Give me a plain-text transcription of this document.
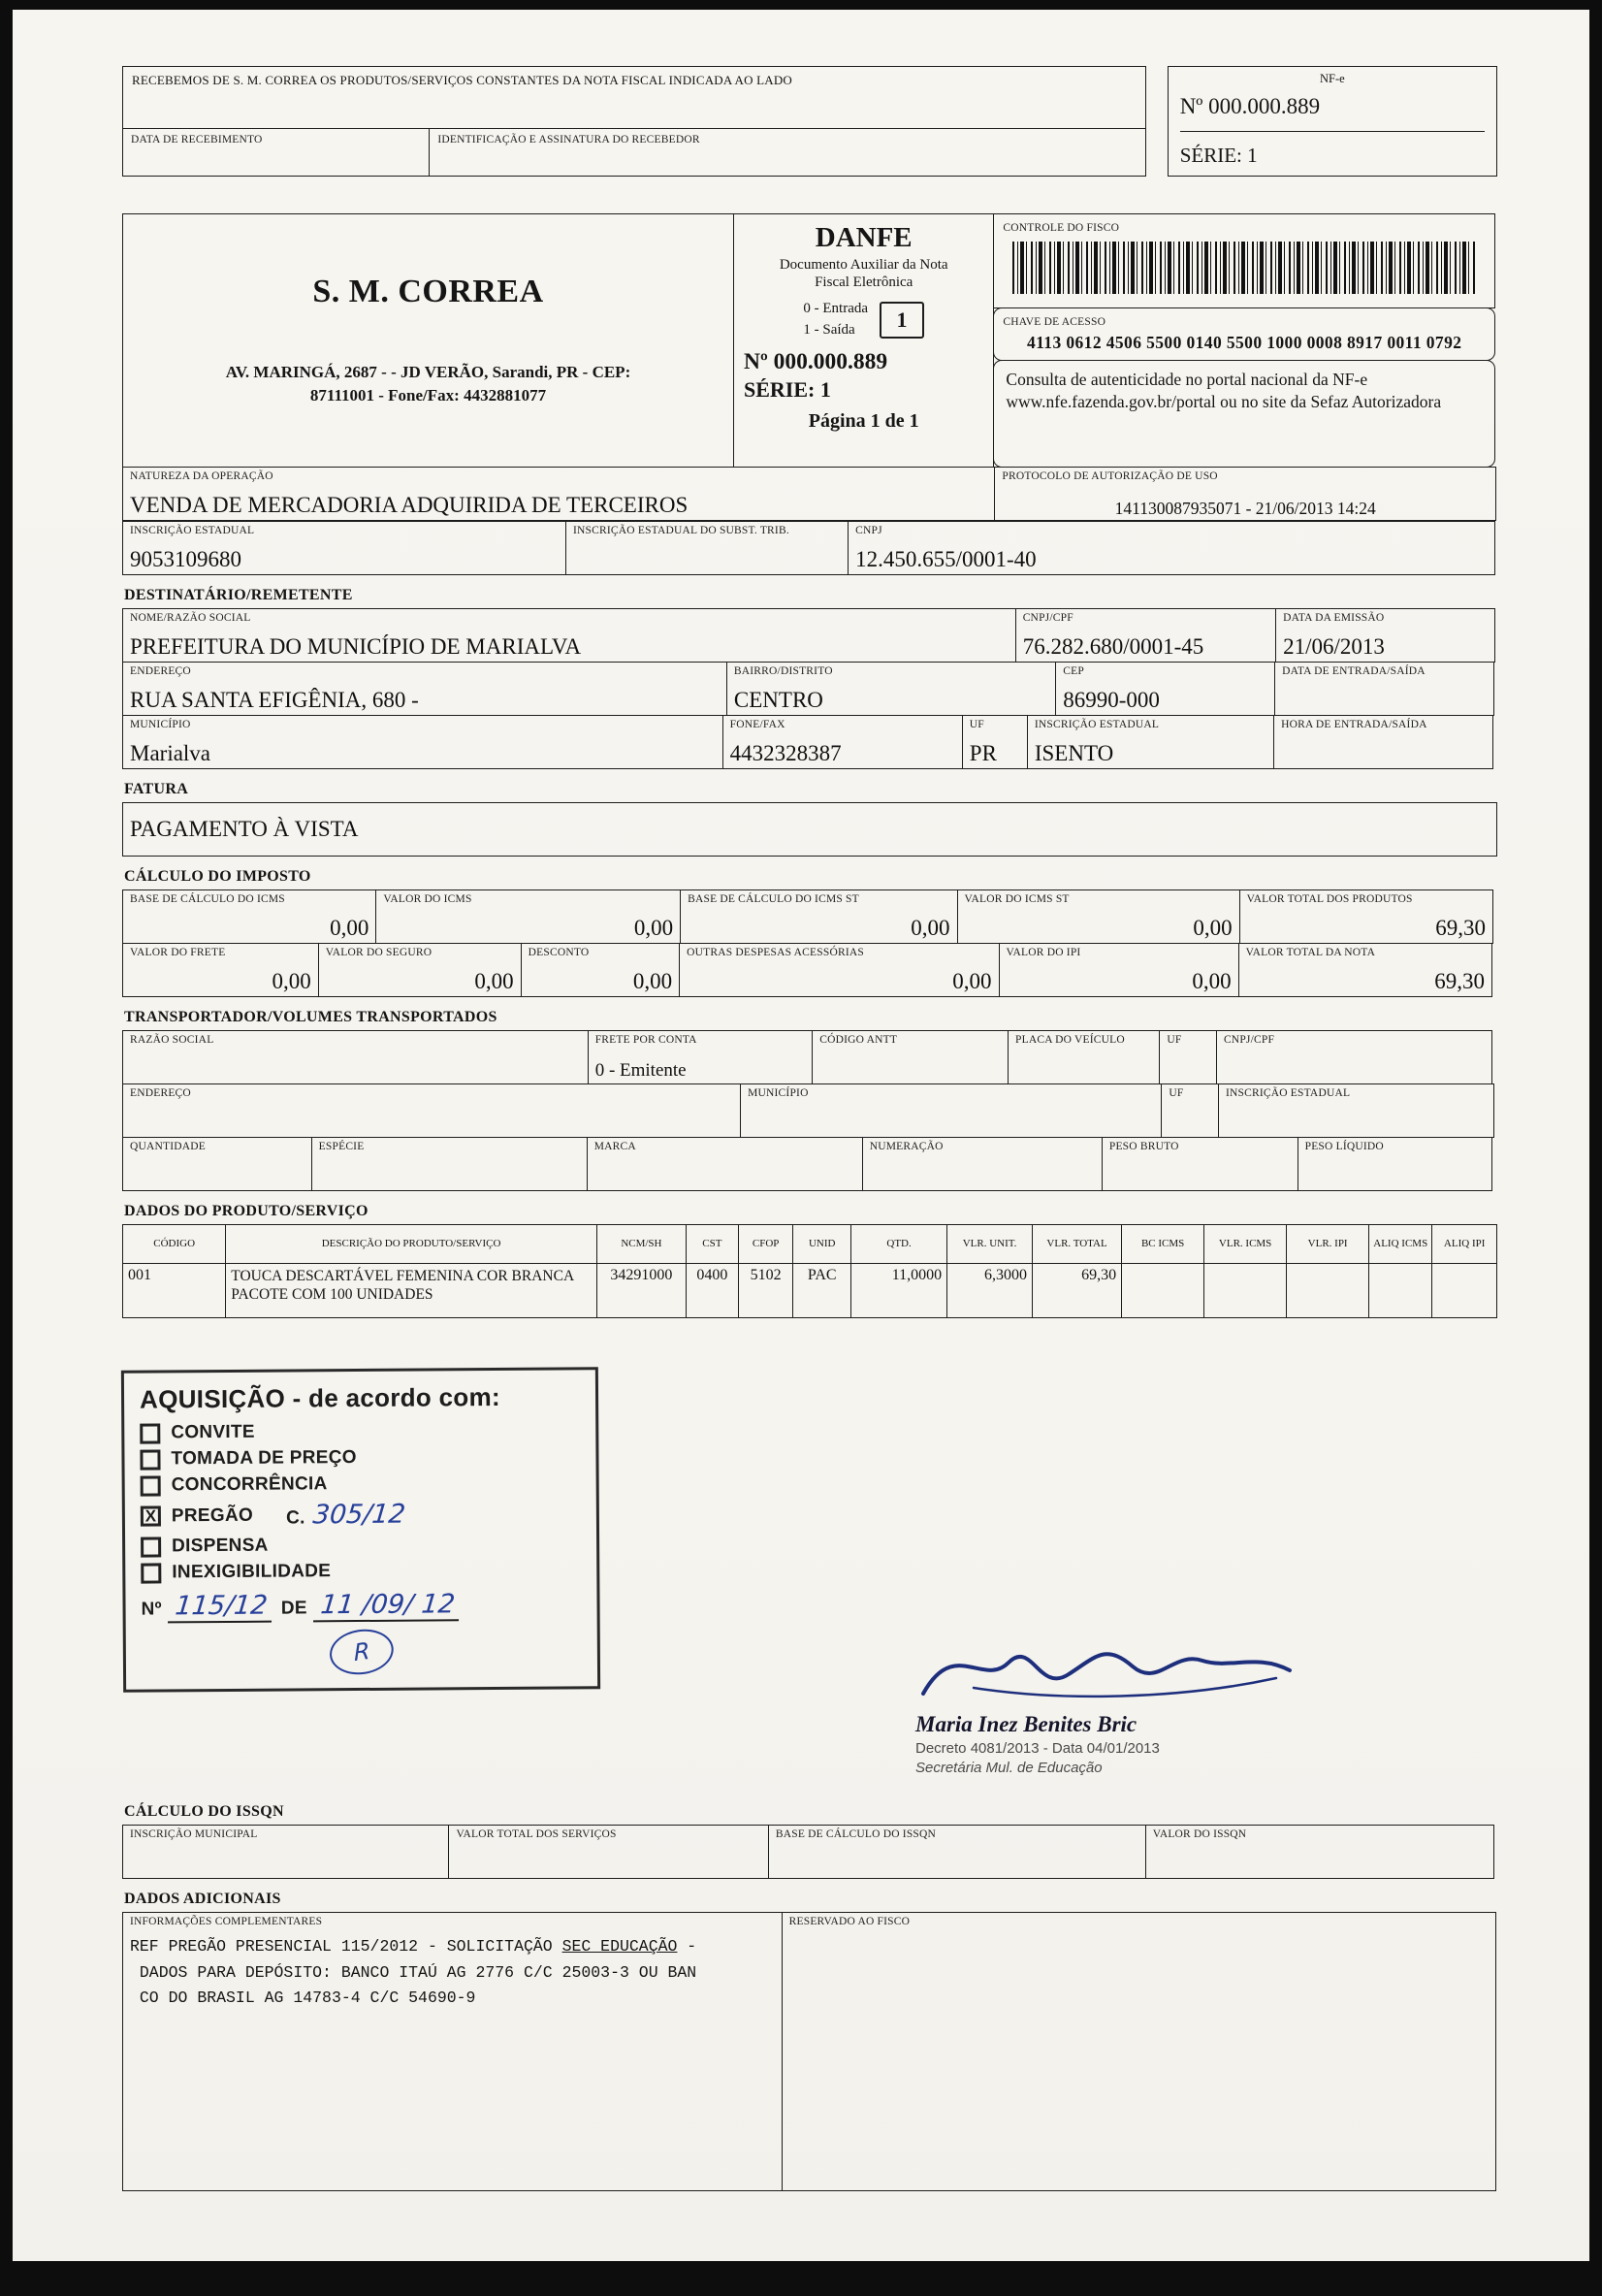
RECEBEMOS DE S. M. CORREA OS PRODUTOS/SERVIÇOS CONSTANTES DA NOTA FISCAL INDICADA AO LADO
DATA DE RECEBIMENTO	IDENTIFICAÇÃO E ASSINATURA DO RECEBEDOR
NF-e
Nº 000.000.889
SÉRIE: 1
S. M. CORREA
AV. MARINGÁ, 2687 - - JD VERÃO, Sarandi, PR - CEP:
87111001 - Fone/Fax: 4432881077
DANFE
Documento Auxiliar da Nota
Fiscal Eletrônica
0 - Entrada
1 - Saída	1
Nº 000.000.889
SÉRIE: 1
Página 1 de 1
CONTROLE DO FISCO
CHAVE DE ACESSO
4113 0612 4506 5500 0140 5500 1000 0008 8917 0011 0792
Consulta de autenticidade no portal nacional da NF-e www.nfe.fazenda.gov.br/portal ou no site da Sefaz Autorizadora
NATUREZA DA OPERAÇÃO
VENDA DE MERCADORIA ADQUIRIDA DE TERCEIROS
PROTOCOLO DE AUTORIZAÇÃO DE USO
141130087935071 - 21/06/2013 14:24
INSCRIÇÃO ESTADUAL
9053109680
INSCRIÇÃO ESTADUAL DO SUBST. TRIB.	CNPJ
12.450.655/0001-40
DESTINATÁRIO/REMETENTE
NOME/RAZÃO SOCIAL
PREFEITURA DO MUNICÍPIO DE MARIALVA
CNPJ/CPF
76.282.680/0001-45
DATA DA EMISSÃO
21/06/2013
ENDEREÇO
RUA SANTA EFIGÊNIA, 680 -
BAIRRO/DISTRITO
CENTRO
CEP
86990-000
DATA DE ENTRADA/SAÍDA
MUNICÍPIO
Marialva
FONE/FAX
4432328387
UF
PR
INSCRIÇÃO ESTADUAL
ISENTO
HORA DE ENTRADA/SAÍDA
FATURA
PAGAMENTO À VISTA
CÁLCULO DO IMPOSTO
BASE DE CÁLCULO DO ICMS
0,00
VALOR DO ICMS
0,00
BASE DE CÁLCULO DO ICMS ST
0,00
VALOR DO ICMS ST
0,00
VALOR TOTAL DOS PRODUTOS
69,30
VALOR DO FRETE
0,00
VALOR DO SEGURO
0,00
DESCONTO
0,00
OUTRAS DESPESAS ACESSÓRIAS
0,00
VALOR DO IPI
0,00
VALOR TOTAL DA NOTA
69,30
TRANSPORTADOR/VOLUMES TRANSPORTADOS
RAZÃO SOCIAL	FRETE POR CONTA
0 - Emitente
CÓDIGO ANTT	PLACA DO VEÍCULO	UF	CNPJ/CPF
ENDEREÇO	MUNICÍPIO	UF	INSCRIÇÃO ESTADUAL
QUANTIDADE	ESPÉCIE	MARCA	NUMERAÇÃO	PESO BRUTO	PESO LÍQUIDO
DADOS DO PRODUTO/SERVIÇO
CÓDIGO	DESCRIÇÃO DO PRODUTO/SERVIÇO	NCM/SH	CST	CFOP	UNID	QTD.	VLR. UNIT.	VLR. TOTAL	BC ICMS	VLR. ICMS	VLR. IPI	ALIQ ICMS	ALIQ IPI
001	TOUCA DESCARTÁVEL FEMENINA COR BRANCA
PACOTE COM 100 UNIDADES	34291000	0400	5102	PAC	11,0000	6,3000	69,30					
AQUISIÇÃO - de acordo com:
CONVITE
TOMADA DE PREÇO
CONCORRÊNCIA
X PREGÃO C. 305/12
DISPENSA
INEXIGIBILIDADE
Nº 115/12 DE 11 /09/ 12
R
Maria Inez Benites Bric
Decreto 4081/2013 - Data 04/01/2013
Secretária Mul. de Educação
CÁLCULO DO ISSQN
INSCRIÇÃO MUNICIPAL	VALOR TOTAL DOS SERVIÇOS	BASE DE CÁLCULO DO ISSQN	VALOR DO ISSQN
DADOS ADICIONAIS
INFORMAÇÕES COMPLEMENTARES
REF PREGÃO PRESENCIAL 115/2012 - SOLICITAÇÃO SEC EDUCAÇÃO -
DADOS PARA DEPÓSITO: BANCO ITAÚ AG 2776 C/C 25003-3 OU BAN
CO DO BRASIL AG 14783-4 C/C 54690-9
RESERVADO AO FISCO
